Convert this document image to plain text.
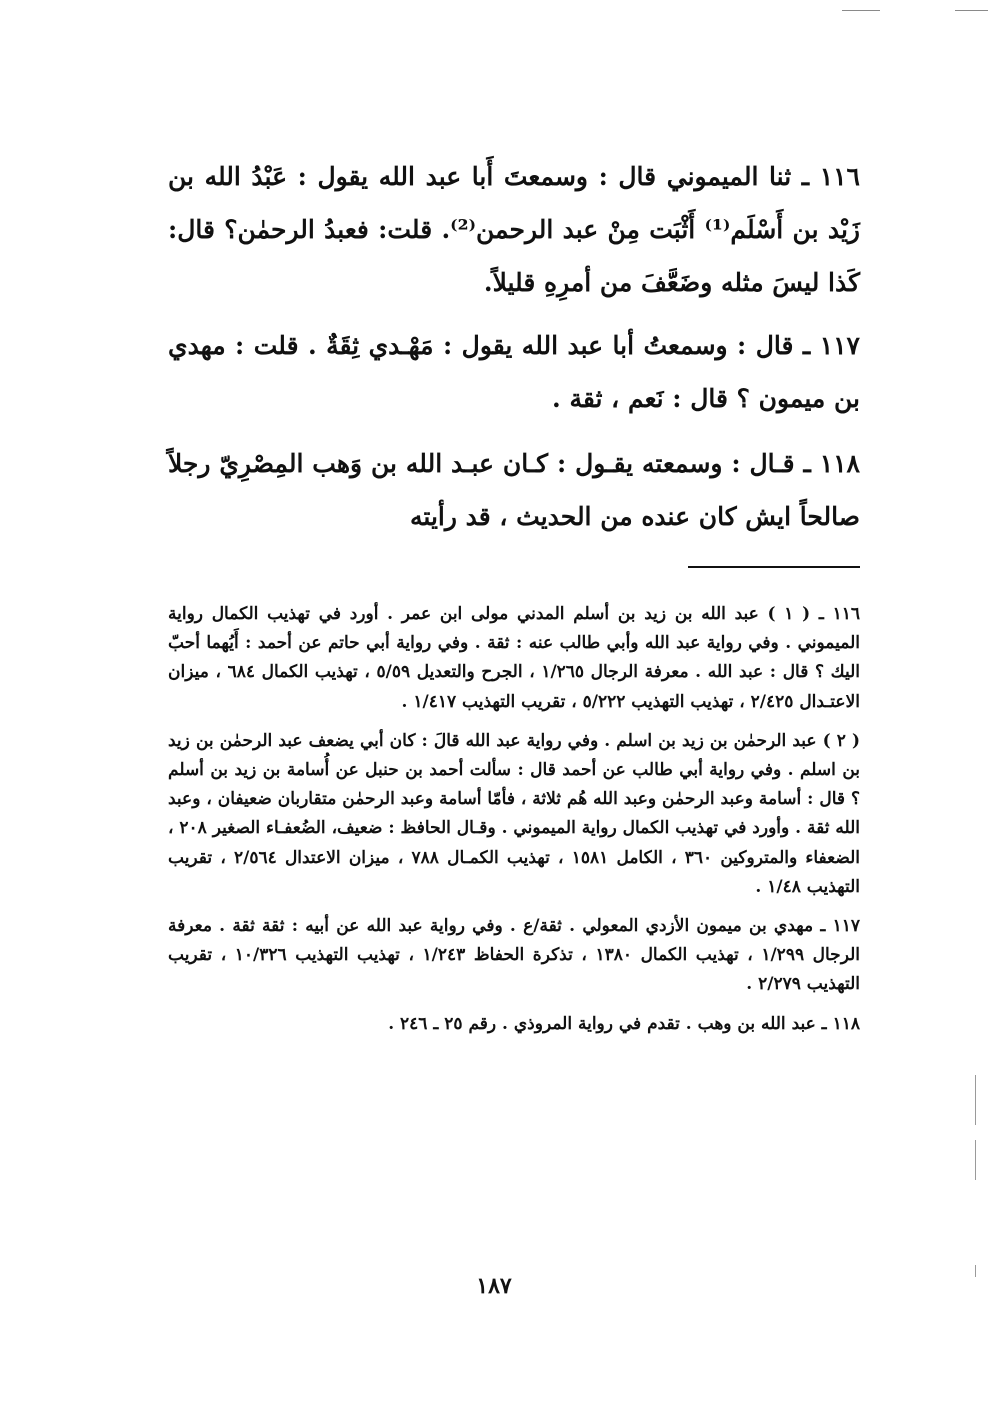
١١٦ ـ ثنا الميموني قال : وسمعتَ أَبا عبد الله يقول : عَبْدُ الله بن زَيْد بن أَسْلَم⁽¹⁾ أَثْبَت مِنْ عبد الرحمن⁽²⁾. قلت: فعبدُ الرحمٰن؟ قال: كَذا ليسَ مثله وضَعَّفَ من أمرِهِ قليلاً.

١١٧ ـ قال : وسمعتُ أبا عبد الله يقول : مَهْـدي ثِقَةٌ . قلت : مهدي بن ميمون ؟ قال : نَعم ، ثقة .

١١٨ ـ قـال : وسمعته يقـول : كـان عبـد الله بن وَهب المِصْرِيّ رجلاً صالحاً ايش كان عنده من الحديث ، قد رأيته

١١٦ ـ ( ١ ) عبد الله بن زيد بن أسلم المدني مولى ابن عمر . أورد في تهذيب الكمال رواية الميموني . وفي رواية عبد الله وأبي طالب عنه : ثقة . وفي رواية أبي حاتم عن أحمد : أَيُهما أحبّ اليك ؟ قال : عبد الله . معرفة الرجال ١/٢٦٥ ، الجرح والتعديل ٥/٥٩ ، تهذيب الكمال ٦٨٤ ، ميزان الاعتـدال ٢/٤٢٥ ، تهذيب التهذيب ٥/٢٢٢ ، تقريب التهذيب ١/٤١٧ .

( ٢ ) عبد الرحمٰن بن زيد بن اسلم . وفي رواية عبد الله قالَ : كان أبي يضعف عبد الرحمٰن بن زيد بن اسلم . وفي رواية أبي طالب عن أحمد قال : سألت أحمد بن حنبل عن أُسامة بن زيد بن أسلم ؟ قال : أسامة وعبد الرحمٰن وعبد الله هُم ثلاثة ، فأمّا أسامة وعبد الرحمٰن متقاربان ضعيفان ، وعبد الله ثقة . وأورد في تهذيب الكمال رواية الميموني . وقـال الحافظ : ضعيف، الضُعفـاء الصغير ٢٠٨ ، الضعفاء والمتروكين ٣٦٠ ، الكامل ١٥٨١ ، تهذيب الكمـال ٧٨٨ ، ميزان الاعتدال ٢/٥٦٤ ، تقريب التهذيب ١/٤٨ .

١١٧ ـ مهدي بن ميمون الأزدي المعولي . ثقة/ع . وفي رواية عبد الله عن أبيه : ثقة ثقة . معرفة الرجال ١/٢٩٩ ، تهذيب الكمال ١٣٨٠ ، تذكرة الحفاظ ١/٢٤٣ ، تهذيب التهذيب ١٠/٣٢٦ ، تقريب التهذيب ٢/٢٧٩ .

١١٨ ـ عبد الله بن وهب . تقدم في رواية المروذي . رقم ٢٥ ـ ٢٤٦ .

١٨٧
